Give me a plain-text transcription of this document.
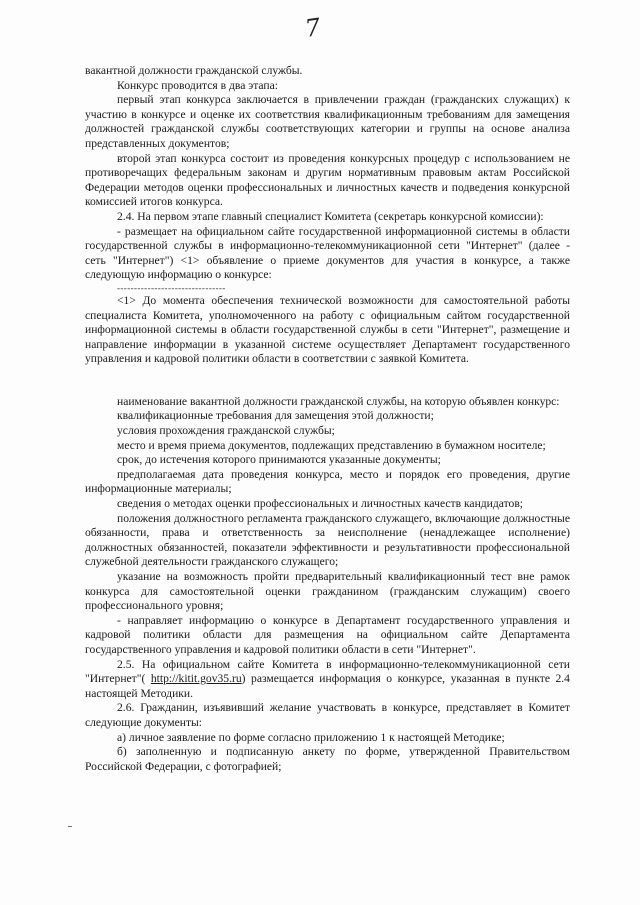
7

вакантной должности гражданской службы.

Конкурс проводится в два этапа:

первый этап конкурса заключается в привлечении граждан (гражданских служащих) к участию в конкурсе и оценке их соответствия квалификационным требованиям для замещения должностей гражданской службы соответствующих категории и группы на основе анализа представленных документов;

второй этап конкурса состоит из проведения конкурсных процедур с использованием не противоречащих федеральным законам и другим нормативным правовым актам Российской Федерации методов оценки профессиональных и личностных качеств и подведения конкурсной комиссией итогов конкурса.

2.4. На первом этапе главный специалист Комитета (секретарь конкурсной комиссии):

- размещает на официальном сайте государственной информационной системы в области государственной службы в информационно-телекоммуникационной сети "Интернет" (далее - сеть "Интернет") <1> объявление о приеме документов для участия в конкурсе, а также следующую информацию о конкурсе:

--------------------------------

<1> До момента обеспечения технической возможности для самостоятельной работы специалиста Комитета, уполномоченного на работу с официальным сайтом государственной информационной системы в области государственной службы в сети "Интернет", размещение и направление информации в указанной системе осуществляет Департамент государственного управления и кадровой политики области в соответствии с заявкой Комитета.

наименование вакантной должности гражданской службы, на которую объявлен конкурс:

квалификационные требования для замещения этой должности;

условия прохождения гражданской службы;

место и время приема документов, подлежащих представлению в бумажном носителе;

срок, до истечения которого принимаются указанные документы;

предполагаемая дата проведения конкурса, место и порядок его проведения, другие информационные материалы;

сведения о методах оценки профессиональных и личностных качеств кандидатов;

положения должностного регламента гражданского служащего, включающие должностные обязанности, права и ответственность за неисполнение (ненадлежащее исполнение) должностных обязанностей, показатели эффективности и результативности профессиональной служебной деятельности гражданского служащего;

указание на возможность пройти предварительный квалификационный тест вне рамок конкурса для самостоятельной оценки гражданином (гражданским служащим) своего профессионального уровня;

- направляет информацию о конкурсе в Департамент государственного управления и кадровой политики области для размещения на официальном сайте Департамента государственного управления и кадровой политики области в сети "Интернет".

2.5. На официальном сайте Комитета в информационно-телекоммуникационной сети "Интернет"( http://kitit.gov35.ru) размещается информация о конкурсе, указанная в пункте 2.4 настоящей Методики.

2.6. Гражданин, изъявивший желание участвовать в конкурсе, представляет в Комитет следующие документы:

а) личное заявление по форме согласно приложению 1 к настоящей Методике;

б) заполненную и подписанную анкету по форме, утвержденной Правительством Российской Федерации, с фотографией;
